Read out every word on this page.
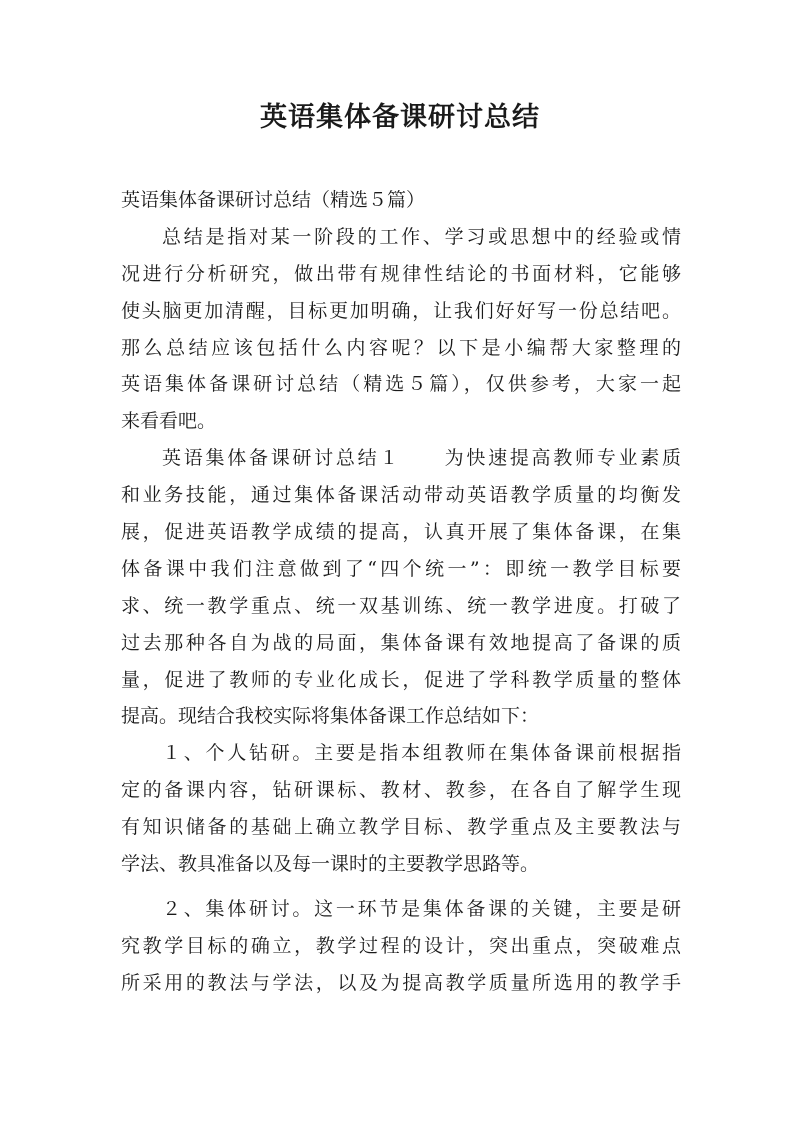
英语集体备课研讨总结
英语集体备课研讨总结（精选５篇）
总结是指对某一阶段的工作、学习或思想中的经验或情
况进行分析研究，做出带有规律性结论的书面材料，它能够
使头脑更加清醒，目标更加明确，让我们好好写一份总结吧。
那么总结应该包括什么内容呢？以下是小编帮大家整理的
英语集体备课研讨总结（精选５篇），仅供参考，大家一起
来看看吧。
英语集体备课研讨总结１　　为快速提高教师专业素质
和业务技能，通过集体备课活动带动英语教学质量的均衡发
展，促进英语教学成绩的提高，认真开展了集体备课，在集
体备课中我们注意做到了“四个统一”：即统一教学目标要
求、统一教学重点、统一双基训练、统一教学进度。打破了
过去那种各自为战的局面，集体备课有效地提高了备课的质
量，促进了教师的专业化成长，促进了学科教学质量的整体
提高。现结合我校实际将集体备课工作总结如下：
１、个人钻研。主要是指本组教师在集体备课前根据指
定的备课内容，钻研课标、教材、教参，在各自了解学生现
有知识储备的基础上确立教学目标、教学重点及主要教法与
学法、教具准备以及每一课时的主要教学思路等。
２、集体研讨。这一环节是集体备课的关键，主要是研
究教学目标的确立，教学过程的设计，突出重点，突破难点
所采用的教法与学法，以及为提高教学质量所选用的教学手
